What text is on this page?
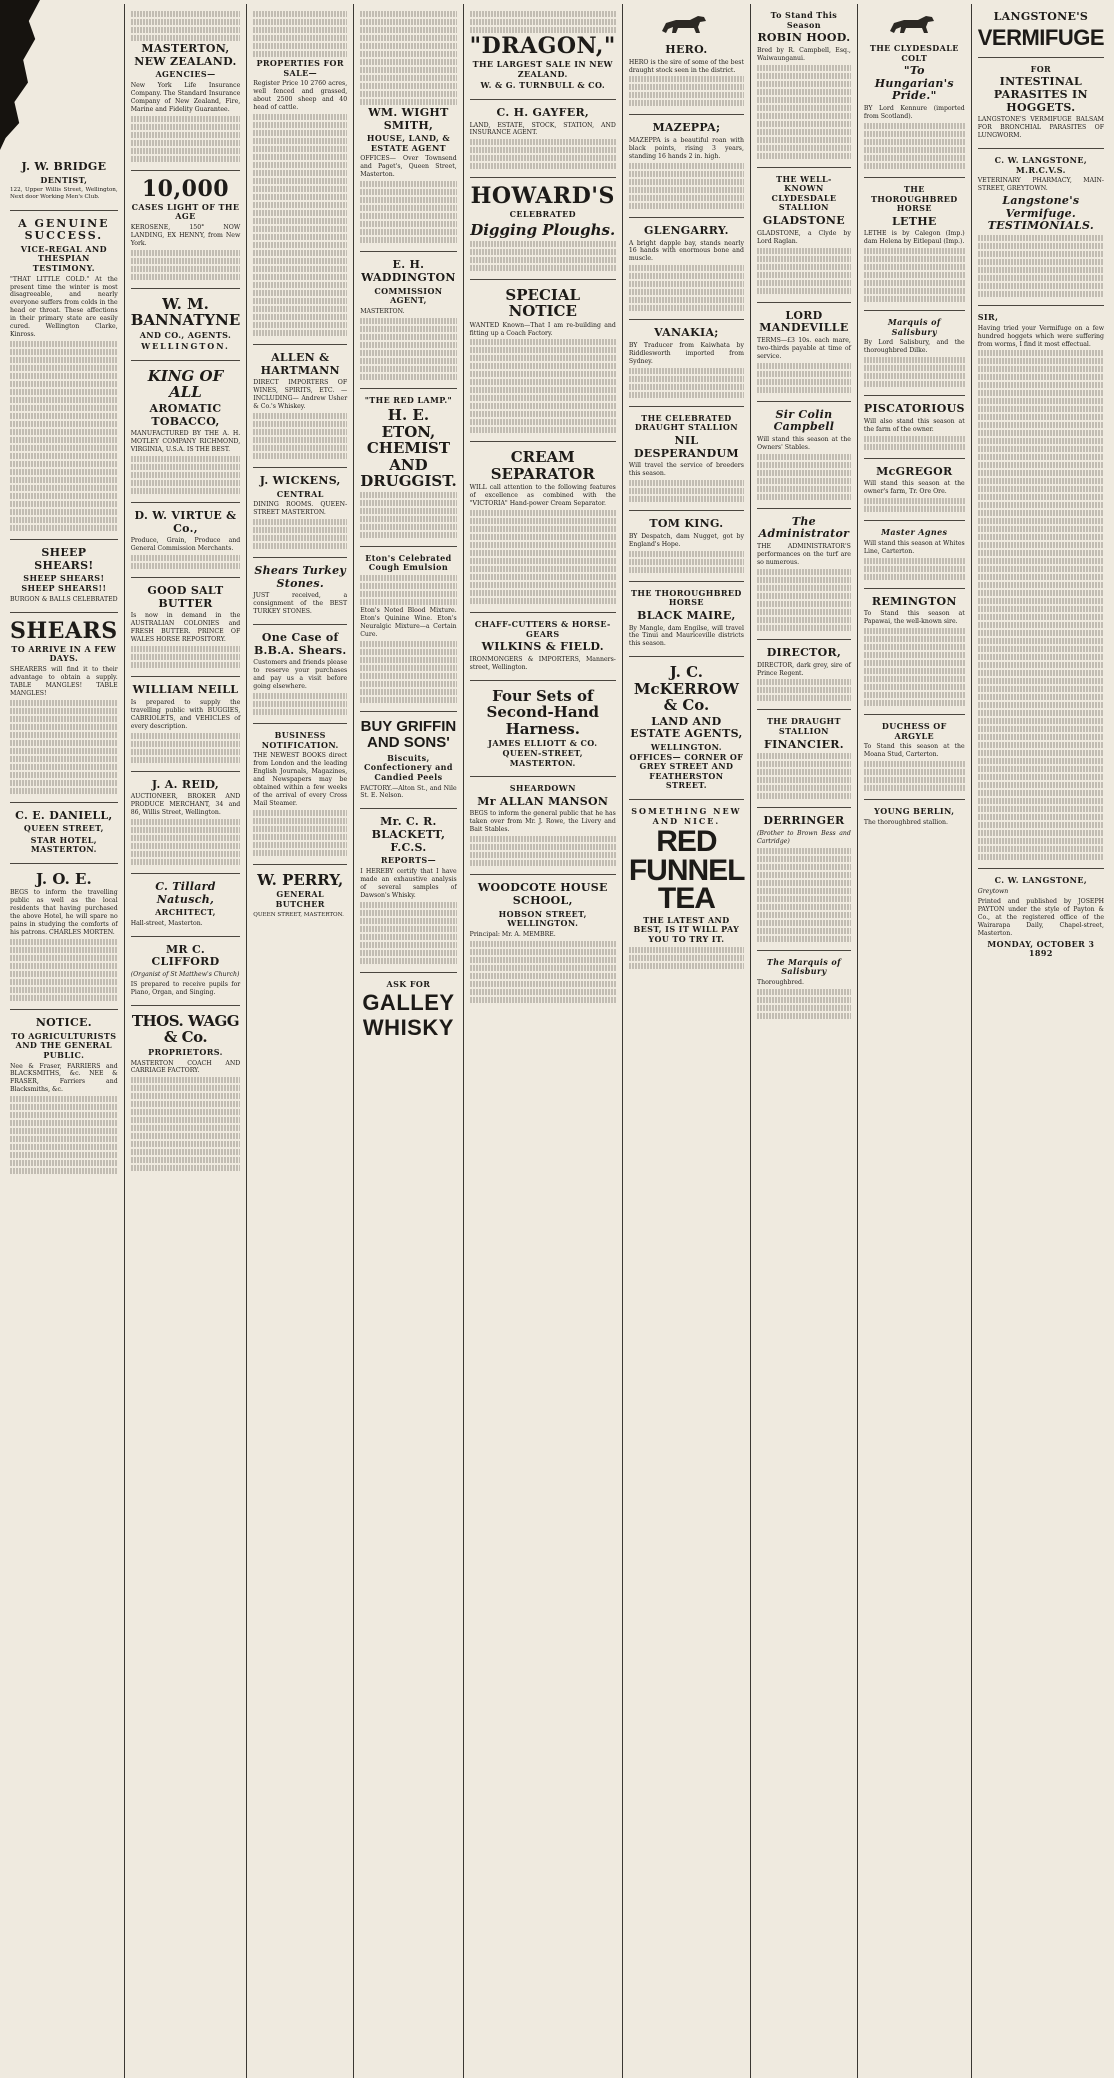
J. W. BRIDGE
DENTIST,
122, Upper Willis Street, Wellington, Next door Working Men's Club.
A GENUINE SUCCESS.
VICE-REGAL AND THESPIAN TESTIMONY.
"THAT LITTLE COLD." At the present time the winter is most disagreeable, and nearly everyone suffers from colds in the head or throat. These affections in their primary state are easily cured. Wellington Clarke, Kinross.
SHEEP SHEARS!
SHEEP SHEARS! SHEEP SHEARS!!
BURGON & BALLS CELEBRATED
SHEARS
TO ARRIVE IN A FEW DAYS.
SHEARERS will find it to their advantage to obtain a supply. TABLE MANGLES! TABLE MANGLES!
C. E. DANIELL,
QUEEN STREET,
STAR HOTEL, MASTERTON.
J. O. E.
BEGS to inform the travelling public as well as the local residents that having purchased the above Hotel, he will spare no pains in studying the comforts of his patrons. CHARLES MORTEN.
NOTICE.
TO AGRICULTURISTS AND THE GENERAL PUBLIC.
Nee & Fraser, FARRIERS and BLACKSMITHS, &c. NEE & FRASER, Farriers and Blacksmiths, &c.
MASTERTON, NEW ZEALAND.
AGENCIES—
New York Life Insurance Company. The Standard Insurance Company of New Zealand, Fire, Marine and Fidelity Guarantee.
10,000
CASES LIGHT OF THE AGE
KEROSENE, 150° NOW LANDING, EX HENNY, from New York.
W. M. BANNATYNE
AND CO., AGENTS.
WELLINGTON.
KING OF ALL
AROMATIC TOBACCO,
MANUFACTURED BY THE A. H. MOTLEY COMPANY RICHMOND, VIRGINIA, U.S.A. IS THE BEST.
D. W. VIRTUE & Co.,
Produce, Grain, Produce and General Commission Merchants.
GOOD SALT BUTTER
Is now in demand in the AUSTRALIAN COLONIES and FRESH BUTTER. PRINCE OF WALES HORSE REPOSITORY.
WILLIAM NEILL
Is prepared to supply the travelling public with BUGGIES, CABRIOLETS, and VEHICLES of every description.
J. A. REID,
AUCTIONEER, BROKER AND PRODUCE MERCHANT, 34 and 86, Willis Street, Wellington.
C. Tillard Natusch,
ARCHITECT,
Hall-street, Masterton.
MR C. CLIFFORD
(Organist of St Matthew's Church)
IS prepared to receive pupils for Piano, Organ, and Singing.
THOS. WAGG & Co.
PROPRIETORS.
MASTERTON COACH AND CARRIAGE FACTORY.
PROPERTIES FOR SALE—
Register Price 10 2760 acres, well fenced and grassed, about 2500 sheep and 40 head of cattle.
ALLEN & HARTMANN
DIRECT IMPORTERS OF WINES, SPIRITS, ETC. —INCLUDING— Andrew Usher & Co.'s Whiskey.
J. WICKENS,
CENTRAL
DINING ROOMS. QUEEN-STREET MASTERTON.
Shears Turkey Stones.
JUST received, a consignment of the BEST TURKEY STONES.
One Case of B.B.A. Shears.
Customers and friends please to reserve your purchases and pay us a visit before going elsewhere.
BUSINESS NOTIFICATION.
THE NEWEST BOOKS direct from London and the leading English Journals, Magazines, and Newspapers may be obtained within a few weeks of the arrival of every Cross Mail Steamer.
W. PERRY,
GENERAL BUTCHER
QUEEN STREET, MASTERTON.
WM. WIGHT SMITH,
HOUSE, LAND, & ESTATE AGENT
OFFICES— Over Townsend and Paget's, Queen Street, Masterton.
E. H. WADDINGTON
COMMISSION AGENT,
MASTERTON.
"THE RED LAMP."
H. E. ETON, CHEMIST AND DRUGGIST.
Eton's Celebrated Cough Emulsion
Eton's Noted Blood Mixture. Eton's Quinine Wine. Eton's Neuralgic Mixture—a Certain Cure.
BUY GRIFFIN AND SONS'
Biscuits, Confectionery and Candied Peels
FACTORY.—Alton St., and Nile St. E. Nelson.
Mr. C. R. BLACKETT, F.C.S.
REPORTS—
I HEREBY certify that I have made an exhaustive analysis of several samples of Dawson's Whisky.
ASK FOR
GALLEY
WHISKY
"DRAGON,"
THE LARGEST SALE IN NEW ZEALAND.
W. & G. TURNBULL & CO.
C. H. GAYFER,
LAND, ESTATE, STOCK, STATION, AND INSURANCE AGENT.
HOWARD'S
CELEBRATED
Digging Ploughs.
SPECIAL NOTICE
WANTED Known—That I am re-building and fitting up a Coach Factory.
CREAM SEPARATOR
WILL call attention to the following features of excellence as combined with the "VICTORIA" Hand-power Cream Separator.
CHAFF-CUTTERS & HORSE-GEARS
WILKINS & FIELD.
IRONMONGERS & IMPORTERS, Manners-street, Wellington.
Four Sets of Second-Hand Harness.
JAMES ELLIOTT & CO. QUEEN-STREET, MASTERTON.
SHEARDOWN
Mr ALLAN MANSON
BEGS to inform the general public that he has taken over from Mr. J. Rowe, the Livery and Bait Stables.
WOODCOTE HOUSE SCHOOL,
HOBSON STREET, WELLINGTON.
Principal: Mr. A. MEMBRE.
HERO.
HERO is the sire of some of the best draught stock seen in the district.
MAZEPPA;
MAZEPPA is a beautiful roan with black points, rising 3 years, standing 16 hands 2 in. high.
GLENGARRY.
A bright dapple bay, stands nearly 16 hands with enormous bone and muscle.
VANAKIA;
BY Traducer from Kaiwhata by Riddlesworth imported from Sydney.
THE CELEBRATED DRAUGHT STALLION
NIL DESPERANDUM
Will travel the service of breeders this season.
TOM KING.
BY Despatch, dam Nugget, got by England's Hope.
THE THOROUGHBRED HORSE
BLACK MAIRE,
By Mangle, dam Engilse, will travel the Tinui and Mauriceville districts this season.
J. C. McKERROW & Co.
LAND AND ESTATE AGENTS,
WELLINGTON. OFFICES— CORNER OF GREY STREET AND FEATHERSTON STREET.
SOMETHING NEW AND NICE.
RED FUNNEL TEA
THE LATEST AND BEST, IS IT WILL PAY YOU TO TRY IT.
To Stand This Season
ROBIN HOOD.
Bred by R. Campbell, Esq., Waiwaunganui.
THE WELL-KNOWN CLYDESDALE STALLION
GLADSTONE
GLADSTONE, a Clyde by Lord Raglan.
LORD MANDEVILLE
TERMS—£3 10s. each mare, two-thirds payable at time of service.
Sir Colin Campbell
Will stand this season at the Owners' Stables.
The Administrator
THE ADMINISTRATOR'S performances on the turf are so numerous.
DIRECTOR,
DIRECTOR, dark grey, sire of Prince Regent.
THE DRAUGHT STALLION
FINANCIER.
DERRINGER
(Brother to Brown Bess and Cartridge)
The Marquis of Salisbury
Thoroughbred.
THE CLYDESDALE COLT
"To Hungarian's Pride."
BY Lord Kennure (imported from Scotland).
THE THOROUGHBRED HORSE
LETHE
LETHE is by Calegon (Imp.) dam Helena by Eitlepaul (Imp.).
Marquis of Salisbury
By Lord Salisbury, and the thoroughbred Dilke.
PISCATORIOUS
Will also stand this season at the farm of the owner.
McGREGOR
Will stand this season at the owner's farm, Tr. Ore Ore.
Master Agnes
Will stand this season at Whites Line, Carterton.
REMINGTON
To Stand this season at Papawai, the well-known sire.
DUCHESS OF ARGYLE
To Stand this season at the Moana Stud, Carterton.
YOUNG BERLIN,
The thoroughbred stallion.
LANGSTONE'S
VERMIFUGE
FOR
INTESTINAL PARASITES IN HOGGETS.
LANGSTONE'S VERMIFUGE BALSAM FOR BRONCHIAL PARASITES OF LUNGWORM.
C. W. LANGSTONE, M.R.C.V.S.
VETERINARY PHARMACY, MAIN-STREET, GREYTOWN.
Langstone's Vermifuge. TESTIMONIALS.
SIR,
Having tried your Vermifuge on a few hundred hoggets which were suffering from worms, I find it most effectual.
C. W. LANGSTONE,
Greytown
Printed and published by JOSEPH PAYTON under the style of Payton & Co., at the registered office of the Wairarapa Daily, Chapel-street, Masterton.
MONDAY, OCTOBER 3 1892
